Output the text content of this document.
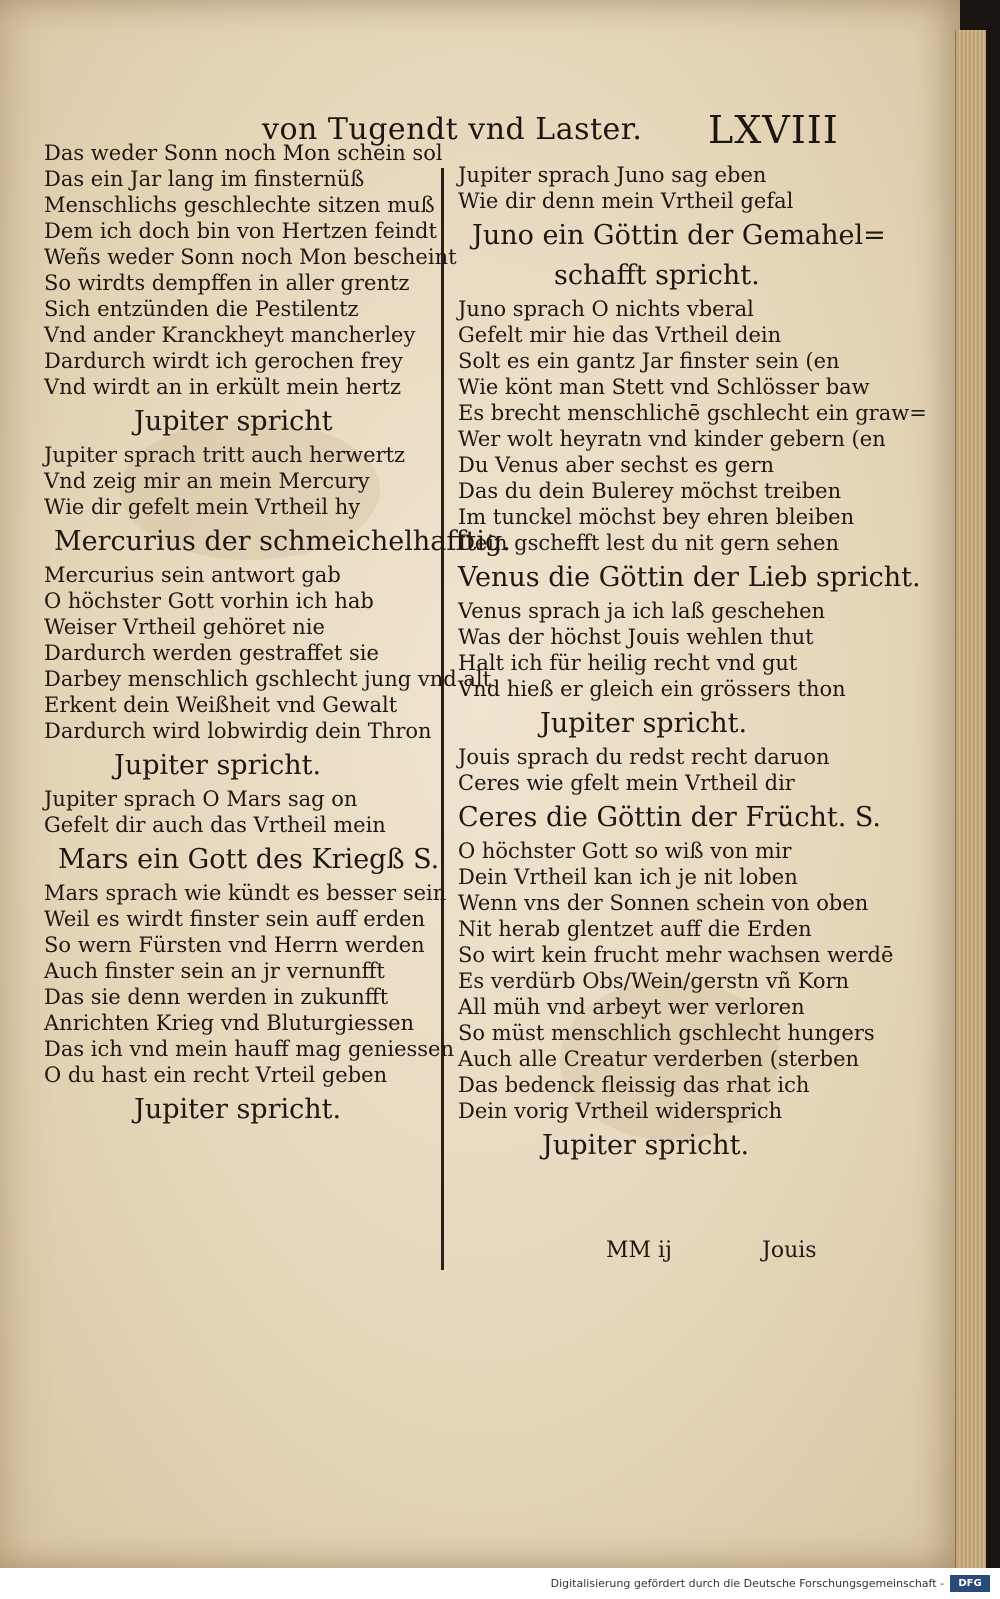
von Tugendt vnd Laster. LXVIII
Das weder Sonn noch Mon schein sol
Das ein Jar lang im finsternüß
Menschlichs geschlechte sitzen muß
Dem ich doch bin von Hertzen feindt
Weñs weder Sonn noch Mon bescheint
So wirdts dempffen in aller grentz
Sich entzünden die Pestilentz
Vnd ander Kranckheyt mancherley
Dardurch wirdt ich gerochen frey
Vnd wirdt an in erkült mein hertz
Jupiter spricht
Jupiter sprach tritt auch herwertz
Vnd zeig mir an mein Mercury
Wie dir gefelt mein Vrtheil hy
Mercurius der schmeichelhafftig.
Mercurius sein antwort gab
O höchster Gott vorhin ich hab
Weiser Vrtheil gehöret nie
Dardurch werden gestraffet sie
Darbey menschlich gschlecht jung vnd alt
Erkent dein Weißheit vnd Gewalt
Dardurch wird lobwirdig dein Thron
Jupiter spricht.
Jupiter sprach O Mars sag on
Gefelt dir auch das Vrtheil mein
Mars ein Gott des Kriegß S.
Mars sprach wie kündt es besser sein
Weil es wirdt finster sein auff erden
So wern Fürsten vnd Herrn werden
Auch finster sein an jr vernunfft
Das sie denn werden in zukunfft
Anrichten Krieg vnd Bluturgiessen
Das ich vnd mein hauff mag geniessen
O du hast ein recht Vrteil geben
Jupiter spricht.
Jupiter sprach Juno sag eben
Wie dir denn mein Vrtheil gefal
Juno ein Göttin der Gemahel=
schafft spricht.
Juno sprach O nichts vberal
Gefelt mir hie das Vrtheil dein
Solt es ein gantz Jar finster sein (en
Wie könt man Stett vnd Schlösser baw
Es brecht menschlichē gschlecht ein graw=
Wer wolt heyratn vnd kinder gebern (en
Du Venus aber sechst es gern
Das du dein Bulerey möchst treiben
Im tunckel möchst bey ehren bleiben
Dein gschefft lest du nit gern sehen
Venus die Göttin der Lieb spricht.
Venus sprach ja ich laß geschehen
Was der höchst Jouis wehlen thut
Halt ich für heilig recht vnd gut
Vnd hieß er gleich ein grössers thon
Jupiter spricht.
Jouis sprach du redst recht daruon
Ceres wie gfelt mein Vrtheil dir
Ceres die Göttin der Frücht. S.
O höchster Gott so wiß von mir
Dein Vrtheil kan ich je nit loben
Wenn vns der Sonnen schein von oben
Nit herab glentzet auff die Erden
So wirt kein frucht mehr wachsen werdē
Es verdürb Obs/Wein/gerstn vñ Korn
All müh vnd arbeyt wer verloren
So müst menschlich gschlecht hungers
Auch alle Creatur verderben (sterben
Das bedenck fleissig das rhat ich
Dein vorig Vrtheil widersprich
Jupiter spricht.
MM ij	Jouis
Digitalisierung gefördert durch die Deutsche Forschungsgemeinschaft -	DFG
